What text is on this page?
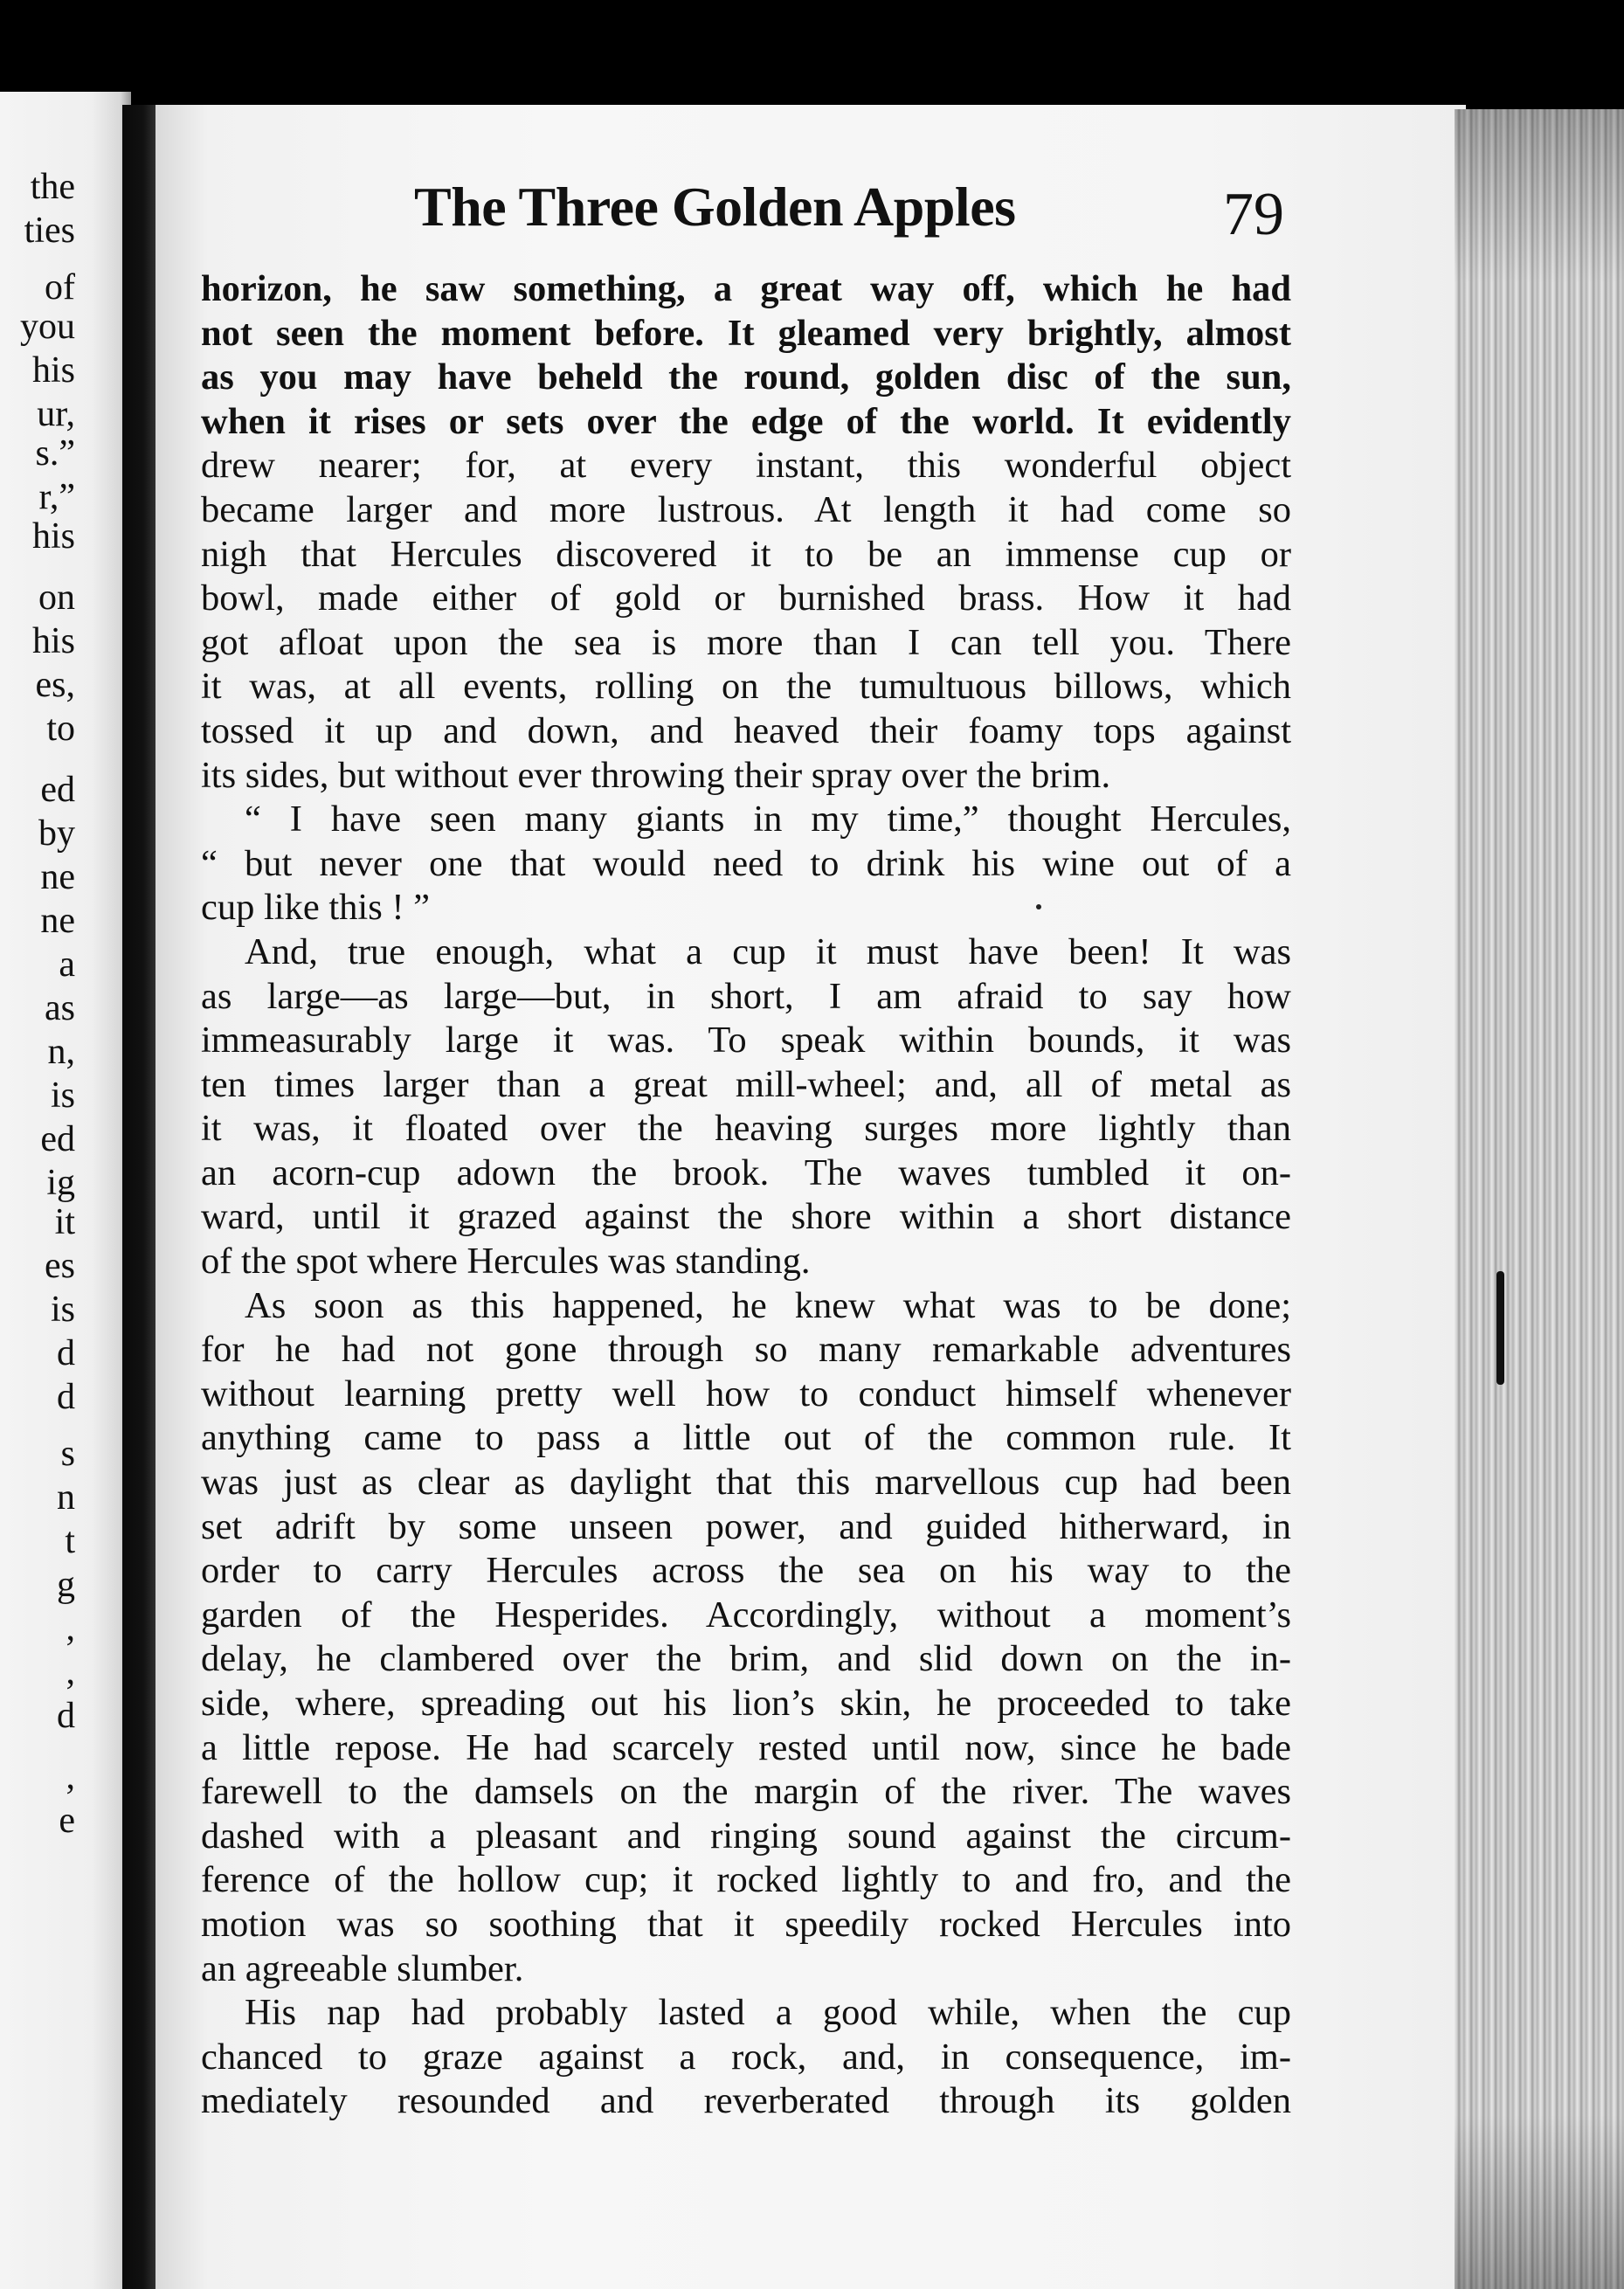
the
ties
of
you
his
ur,
s.”
r,”
his
on
his
es,
to
ed
by
ne
ne
a
as
n,
is
ed
ig
it
es
is
d
d
s
n
t
g
,
,
d
,
e
The Three Golden Apples	79
horizon, he saw something, a great way off, which he had
not seen the moment before. It gleamed very brightly, almost
as you may have beheld the round, golden disc of the sun,
when it rises or sets over the edge of the world. It evidently
drew nearer; for, at every instant, this wonderful object
became larger and more lustrous. At length it had come so
nigh that Hercules discovered it to be an immense cup or
bowl, made either of gold or burnished brass. How it had
got afloat upon the sea is more than I can tell you. There
it was, at all events, rolling on the tumultuous billows, which
tossed it up and down, and heaved their foamy tops against
its sides, but without ever throwing their spray over the brim.
“ I have seen many giants in my time,” thought Hercules,
“ but never one that would need to drink his wine out of a
cup like this ! ”
And, true enough, what a cup it must have been! It was
as large—as large—but, in short, I am afraid to say how
immeasurably large it was. To speak within bounds, it was
ten times larger than a great mill-wheel; and, all of metal as
it was, it floated over the heaving surges more lightly than
an acorn-cup adown the brook. The waves tumbled it on-
ward, until it grazed against the shore within a short distance
of the spot where Hercules was standing.
As soon as this happened, he knew what was to be done;
for he had not gone through so many remarkable adventures
without learning pretty well how to conduct himself whenever
anything came to pass a little out of the common rule. It
was just as clear as daylight that this marvellous cup had been
set adrift by some unseen power, and guided hitherward, in
order to carry Hercules across the sea on his way to the
garden of the Hesperides. Accordingly, without a moment’s
delay, he clambered over the brim, and slid down on the in-
side, where, spreading out his lion’s skin, he proceeded to take
a little repose. He had scarcely rested until now, since he bade
farewell to the damsels on the margin of the river. The waves
dashed with a pleasant and ringing sound against the circum-
ference of the hollow cup; it rocked lightly to and fro, and the
motion was so soothing that it speedily rocked Hercules into
an agreeable slumber.
His nap had probably lasted a good while, when the cup
chanced to graze against a rock, and, in consequence, im-
mediately resounded and reverberated through its golden
